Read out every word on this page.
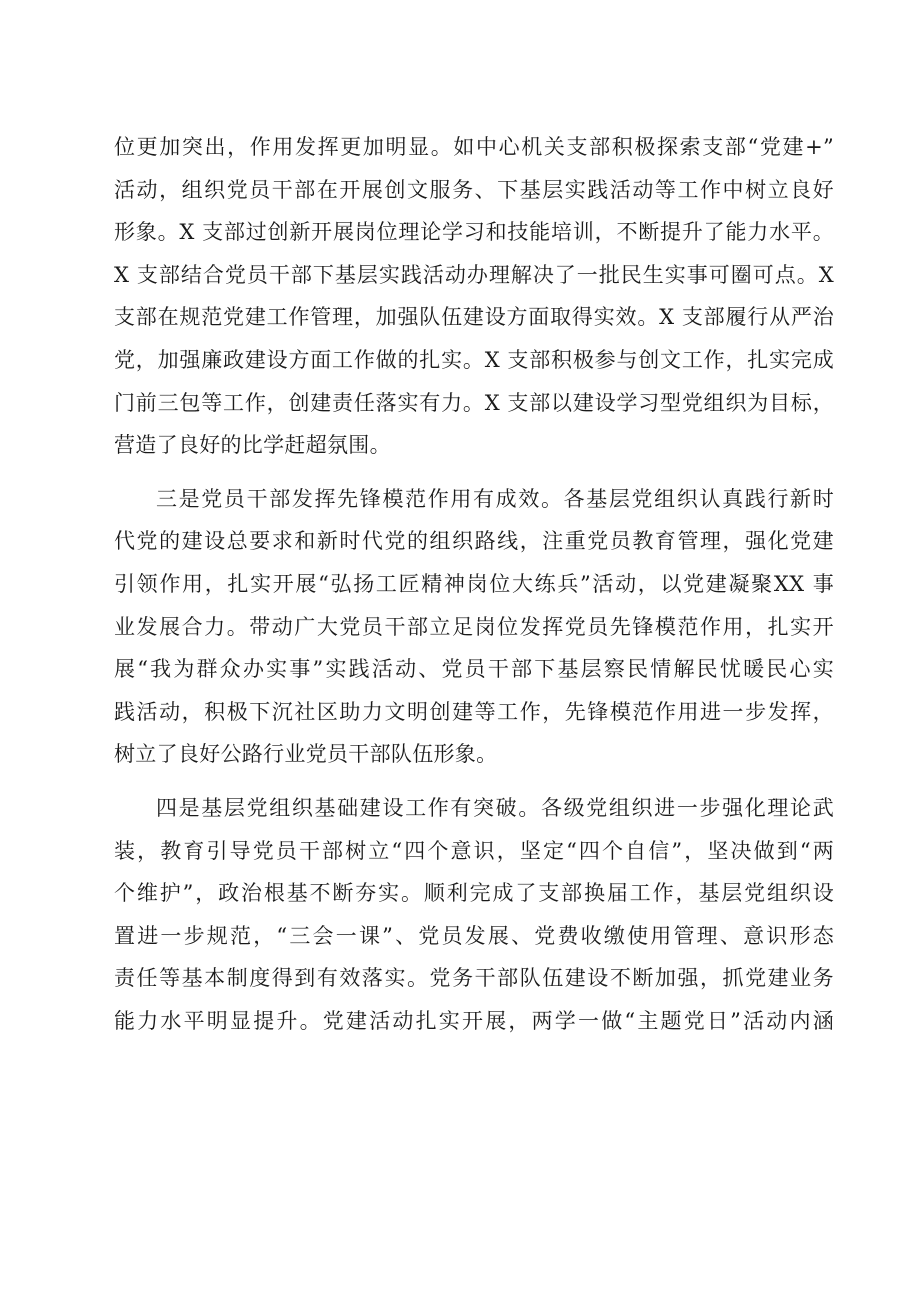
位更加突出，作用发挥更加明显。如中心机关支部积极探索支部“党建+”
活动，组织党员干部在开展创文服务、下基层实践活动等工作中树立良好
形象。X 支部过创新开展岗位理论学习和技能培训，不断提升了能力水平。
X 支部结合党员干部下基层实践活动办理解决了一批民生实事可圈可点。X
支部在规范党建工作管理，加强队伍建设方面取得实效。X 支部履行从严治
党，加强廉政建设方面工作做的扎实。X 支部积极参与创文工作，扎实完成
门前三包等工作，创建责任落实有力。X 支部以建设学习型党组织为目标，
营造了良好的比学赶超氛围。
三是党员干部发挥先锋模范作用有成效。各基层党组织认真践行新时
代党的建设总要求和新时代党的组织路线，注重党员教育管理，强化党建
引领作用，扎实开展“弘扬工匠精神岗位大练兵”活动，以党建凝聚XX 事
业发展合力。带动广大党员干部立足岗位发挥党员先锋模范作用，扎实开
展“我为群众办实事”实践活动、党员干部下基层察民情解民忧暖民心实
践活动，积极下沉社区助力文明创建等工作，先锋模范作用进一步发挥，
树立了良好公路行业党员干部队伍形象。
四是基层党组织基础建设工作有突破。各级党组织进一步强化理论武
装，教育引导党员干部树立“四个意识，坚定“四个自信”，坚决做到“两
个维护”，政治根基不断夯实。顺利完成了支部换届工作，基层党组织设
置进一步规范，“三会一课”、党员发展、党费收缴使用管理、意识形态
责任等基本制度得到有效落实。党务干部队伍建设不断加强，抓党建业务
能力水平明显提升。党建活动扎实开展，两学一做“主题党日”活动内涵
